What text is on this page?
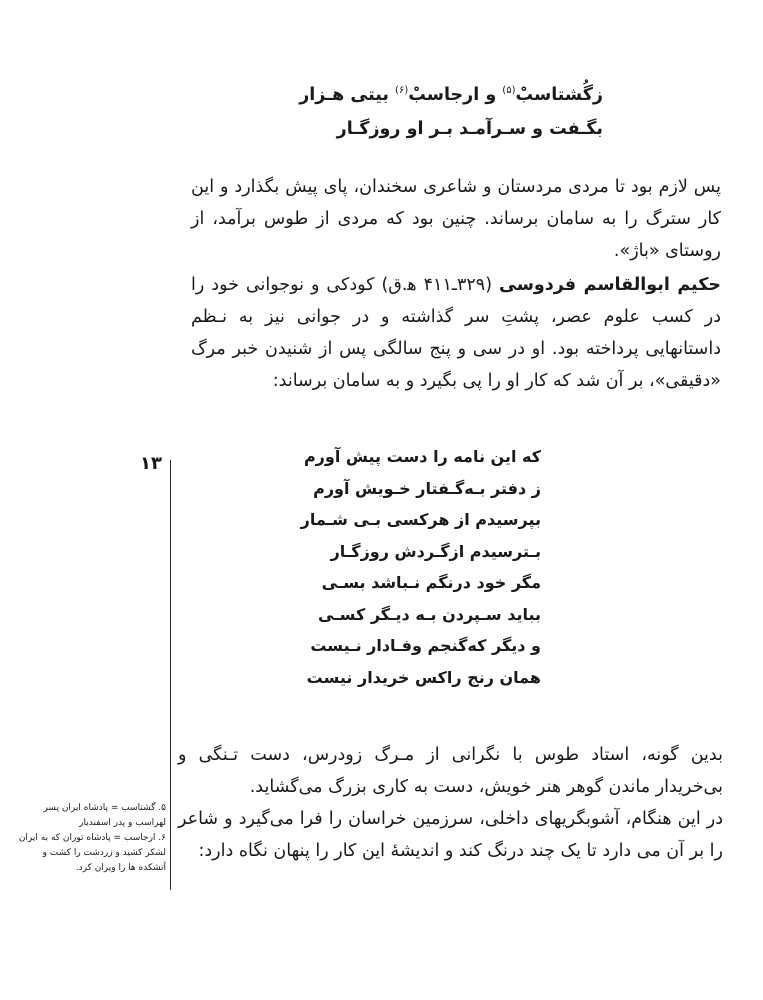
زگُشتاسبْ$^{(۵)}$ و ارجاسبْ$^{(۶)}$ بیتی هـزار
بگـفت و سـرآمـد بـر او روزگـار

پس لازم بود تا مردی مردستان و شاعری سخندان، پای پیش بگذارد و این کار سترگ را به سامان برساند. چنین بود که مردی از طوس برآمد، از روستای «باژ».

حکیم ابوالقاسم فردوسی (۳۲۹ـ۴۱۱ ﻫ.ق) کودکی و نوجوانی خود را در کسب علوم عصر، پشتِ سر گذاشته و در جوانی نیز به نـظم داستانهایی پرداخته بود. او در سی و پنج سالگی پس از شنیدن خبر مرگ «دقیقی»، بر آن شد که کار او را پی بگیرد و به سامان برساند:

۱۳	که این نامه را دست پیش آورم
ز دفتر بـه‌گـفتار خـویش آورم
بپرسیدم از هرکسی بـی شـمار
بـترسیدم ازگـردش روزگـار
مگر خود درنگم نـباشد بسـی
بباید سـپردن بـه دیـگر کسـی
و دیگر که‌گنجم وفـادار نـیست
همان رنج راکس خریدار نیست

بدین گونه، استاد طوس با نگرانی از مـرگ زودرس، دست تـنگی و بی‌خریدار ماندن گوهر هنر خویش، دست به کاری بزرگ می‌گشاید.

در این هنگام، آشوبگریهای داخلی، سرزمین خراسان را فرا می‌گیرد و شاعر را بر آن می دارد تا یک چند درنگ کند و اندیشهٔ این کار را پنهان نگاه دارد:

۵. گشتاسب = پادشاه ایران پسر
لهراسب و پدر اسفندیار
۶. ارجاسب = پادشاه توران که به ایران
لشکر کشید و زردشت را کشت و
آتشکده ها را ویران کرد.
